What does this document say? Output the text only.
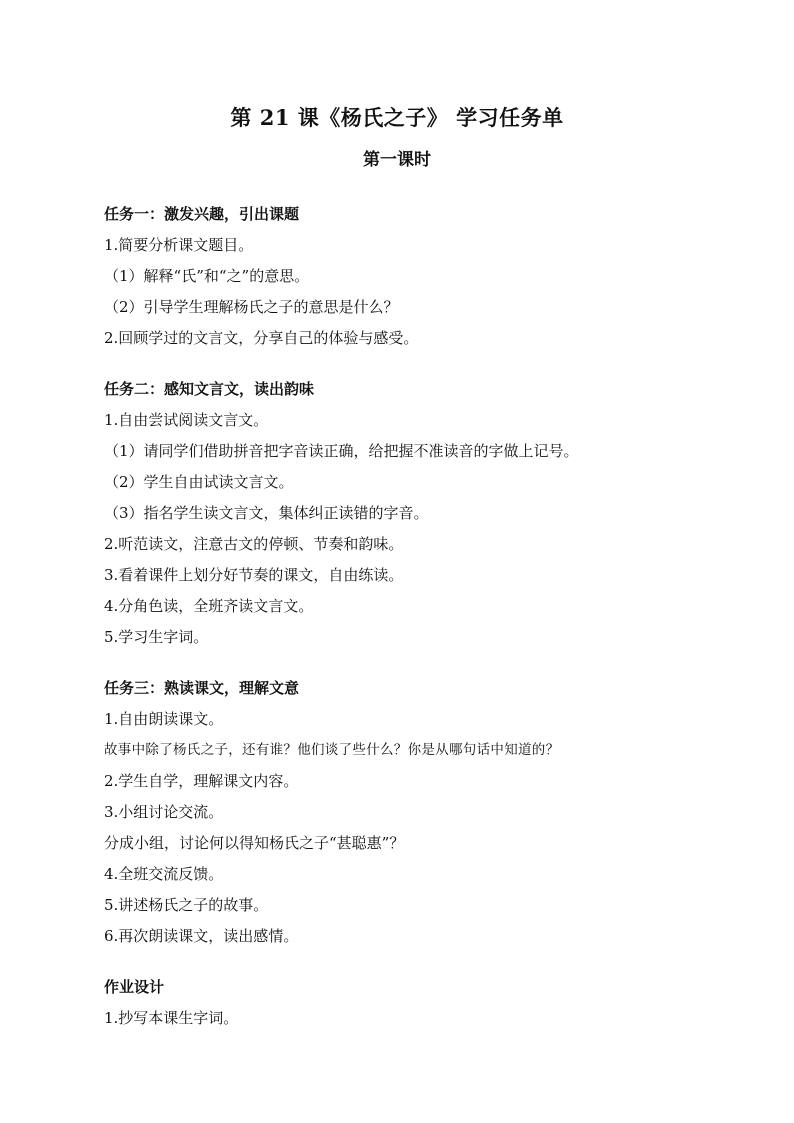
第 21 课《杨氏之子》 学习任务单
第一课时
任务一：激发兴趣，引出课题
1.简要分析课文题目。
（1）解释“氏”和“之”的意思。
（2）引导学生理解杨氏之子的意思是什么？
2.回顾学过的文言文，分享自己的体验与感受。
任务二：感知文言文，读出韵味
1.自由尝试阅读文言文。
（1）请同学们借助拼音把字音读正确，给把握不准读音的字做上记号。
（2）学生自由试读文言文。
（3）指名学生读文言文，集体纠正读错的字音。
2.听范读文，注意古文的停顿、节奏和韵味。
3.看着课件上划分好节奏的课文，自由练读。
4.分角色读，全班齐读文言文。
5.学习生字词。
任务三：熟读课文，理解文意
1.自由朗读课文。
故事中除了杨氏之子，还有谁？他们谈了些什么？你是从哪句话中知道的？
2.学生自学，理解课文内容。
3.小组讨论交流。
分成小组，讨论何以得知杨氏之子“甚聪惠”？
4.全班交流反馈。
5.讲述杨氏之子的故事。
6.再次朗读课文，读出感情。
作业设计
1.抄写本课生字词。
